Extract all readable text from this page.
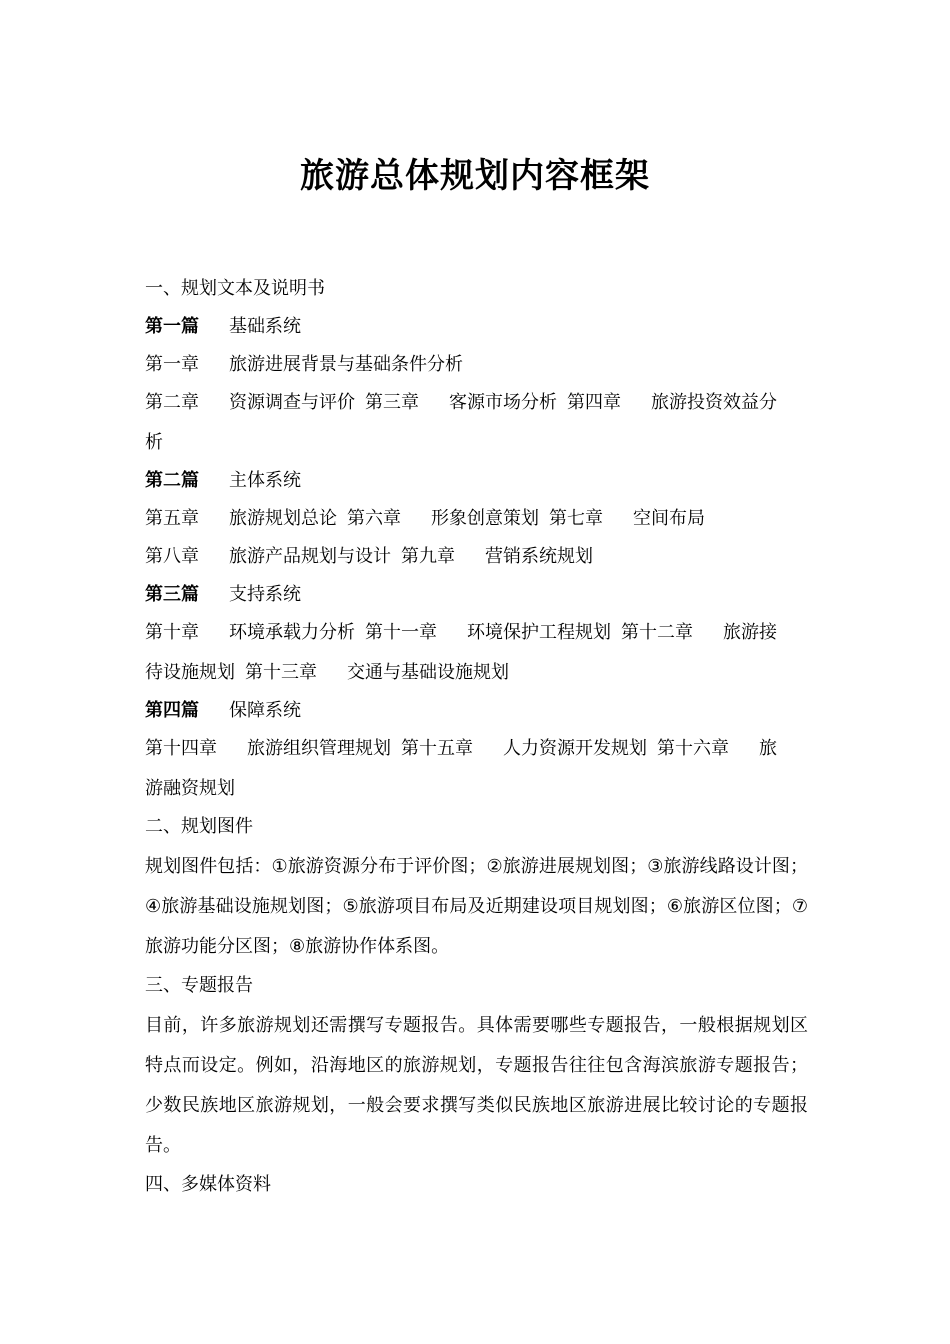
旅游总体规划内容框架
一、规划文本及说明书
第一篇 基础系统
第一章 旅游进展背景与基础条件分析
第二章 资源调查与评价 第三章 客源市场分析 第四章 旅游投资效益分
析
第二篇 主体系统
第五章 旅游规划总论 第六章 形象创意策划 第七章 空间布局
第八章 旅游产品规划与设计 第九章 营销系统规划
第三篇 支持系统
第十章 环境承载力分析 第十一章 环境保护工程规划 第十二章 旅游接
待设施规划 第十三章 交通与基础设施规划
第四篇 保障系统
第十四章 旅游组织管理规划 第十五章 人力资源开发规划 第十六章 旅
游融资规划
二、规划图件

规划图件包括：①旅游资源分布于评价图；②旅游进展规划图；③旅游线路设计图；④旅游基础设施规划图；⑤旅游项目布局及近期建设项目规划图；⑥旅游区位图；⑦旅游功能分区图；⑧旅游协作体系图。

三、专题报告

目前，许多旅游规划还需撰写专题报告。具体需要哪些专题报告，一般根据规划区特点而设定。例如，沿海地区的旅游规划，专题报告往往包含海滨旅游专题报告；少数民族地区旅游规划，一般会要求撰写类似民族地区旅游进展比较讨论的专题报告。

四、多媒体资料
